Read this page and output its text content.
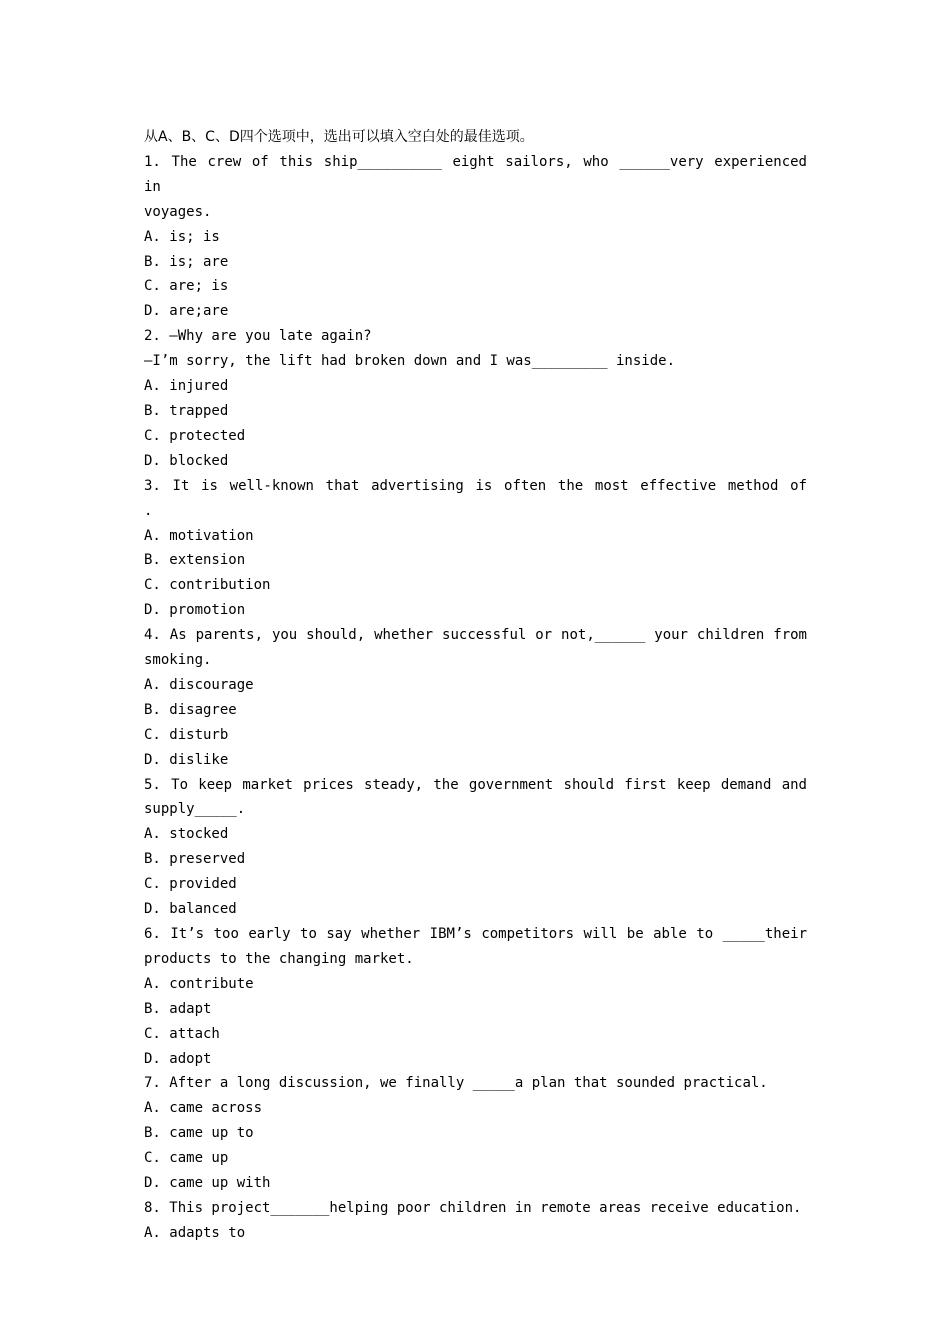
从A、B、C、D四个选项中，选出可以填入空白处的最佳选项。
1. The crew of this ship__________ eight sailors, who ______very experienced in
voyages.
A. is; is
B. is; are
C. are; is
D. are;are
2. —Why are you late again?
—I’m sorry, the lift had broken down and I was_________ inside.
A. injured
B. trapped
C. protected
D. blocked
3. It is well-known that advertising is often the most effective method of
.
A. motivation
B. extension
C. contribution
D. promotion
4. As parents, you should, whether successful or not,______ your children from
smoking.
A. discourage
B. disagree
C. disturb
D. dislike
5. To keep market prices steady, the government should first keep demand and
supply_____.
A. stocked
B. preserved
C. provided
D. balanced
6. It’s too early to say whether IBM’s competitors will be able to _____their
products to the changing market.
A. contribute
B. adapt
C. attach
D. adopt
7. After a long discussion, we finally _____a plan that sounded practical.
A. came across
B. came up to
C. came up
D. came up with
8. This project_______helping poor children in remote areas receive education.
A. adapts to
